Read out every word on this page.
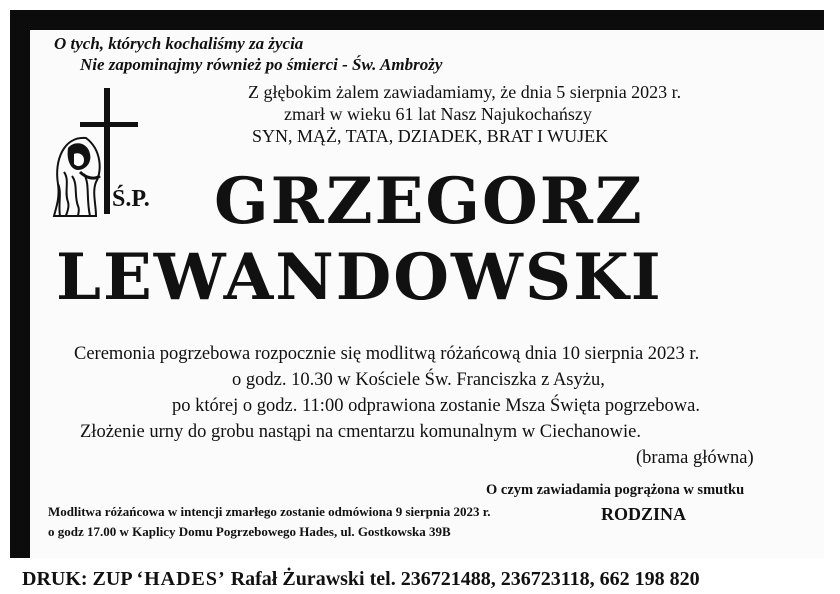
O tych, których kochaliśmy za życia
Nie zapominajmy również po śmierci - Św. Ambroży
Z głębokim żalem zawiadamiamy, że dnia 5 sierpnia 2023 r.
zmarł w wieku 61 lat Nasz Najukochańszy
SYN, MĄŻ, TATA, DZIADEK, BRAT I WUJEK
Ś.P. GRZEGORZ
LEWANDOWSKI
Ceremonia pogrzebowa rozpocznie się modlitwą różańcową dnia 10 sierpnia 2023 r.
o godz. 10.30 w Kościele Św. Franciszka z Asyżu,
po której o godz. 11:00 odprawiona zostanie Msza Święta pogrzebowa.
Złożenie urny do grobu nastąpi na cmentarzu komunalnym w Ciechanowie.
(brama główna)
O czym zawiadamia pogrążona w smutku
RODZINA
Modlitwa różańcowa w intencji zmarłego zostanie odmówiona 9 sierpnia 2023 r.
o godz 17.00 w Kaplicy Domu Pogrzebowego Hades, ul. Gostkowska 39B
DRUK: ZUP ‘HADES’ Rafał Żurawski tel. 236721488, 236723118, 662 198 820
